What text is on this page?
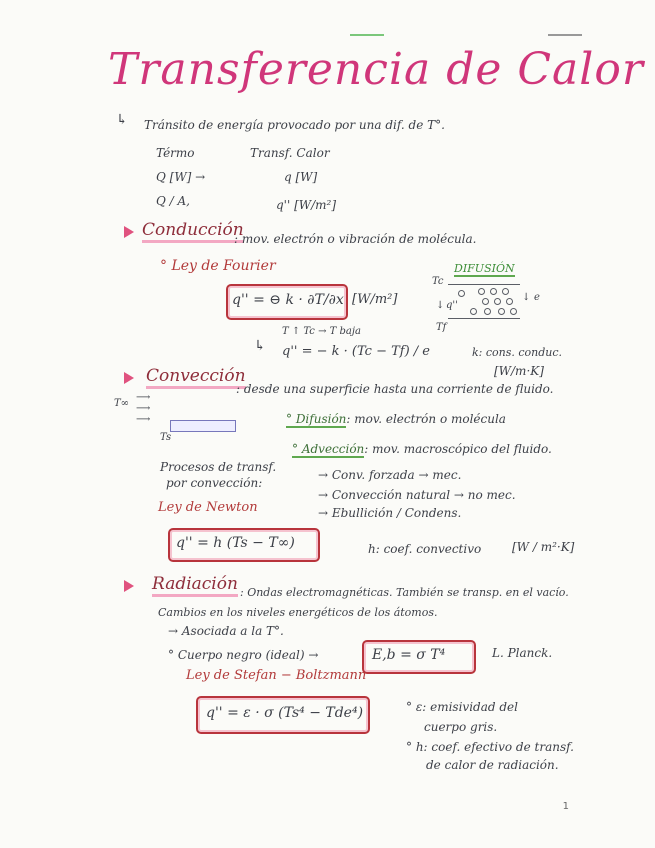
Transferencia de Calor
↳ Tránsito de energía provocado por una dif. de T°.
Térmo	Transf. Calor
Q [W] →	q [W]
Q / A,	q'' [W/m²]
Conducción
: mov. electrón o vibración de molécula.
° Ley de Fourier
q'' = ⊖ k · ∂T/∂x [W/m²]
T ↑ Tc → T baja
↳ q'' = − k · (Tc − Tf) / e	k: cons. conduc.
[W/m·K]
DIFUSIÓN
Tc
↓ q''
Tf
↓ e
Convección
: desde una superficie hasta una corriente de fluido.
T∞
⟶
⟶
⟶
Ts
° Difusión: mov. electrón o molécula
° Advección: mov. macroscópico del fluido.
Procesos de transf.
por convección:
→ Conv. forzada → mec.
→ Convección natural → no mec.
→ Ebullición / Condens.
Ley de Newton
q'' = h (Ts − T∞)	h: coef. convectivo	[W / m²·K]
Radiación : Ondas electromagnéticas. También se transp. en el vacío.
Cambios en los niveles energéticos de los átomos.
→ Asociada a la T°.
° Cuerpo negro (ideal) →	E,b = σ T⁴	L. Planck.
Ley de Stefan − Boltzmann
q'' = ε · σ (Ts⁴ − Tde⁴)	° ε: emisividad del
cuerpo gris.
° h: coef. efectivo de transf.
de calor de radiación.
1
